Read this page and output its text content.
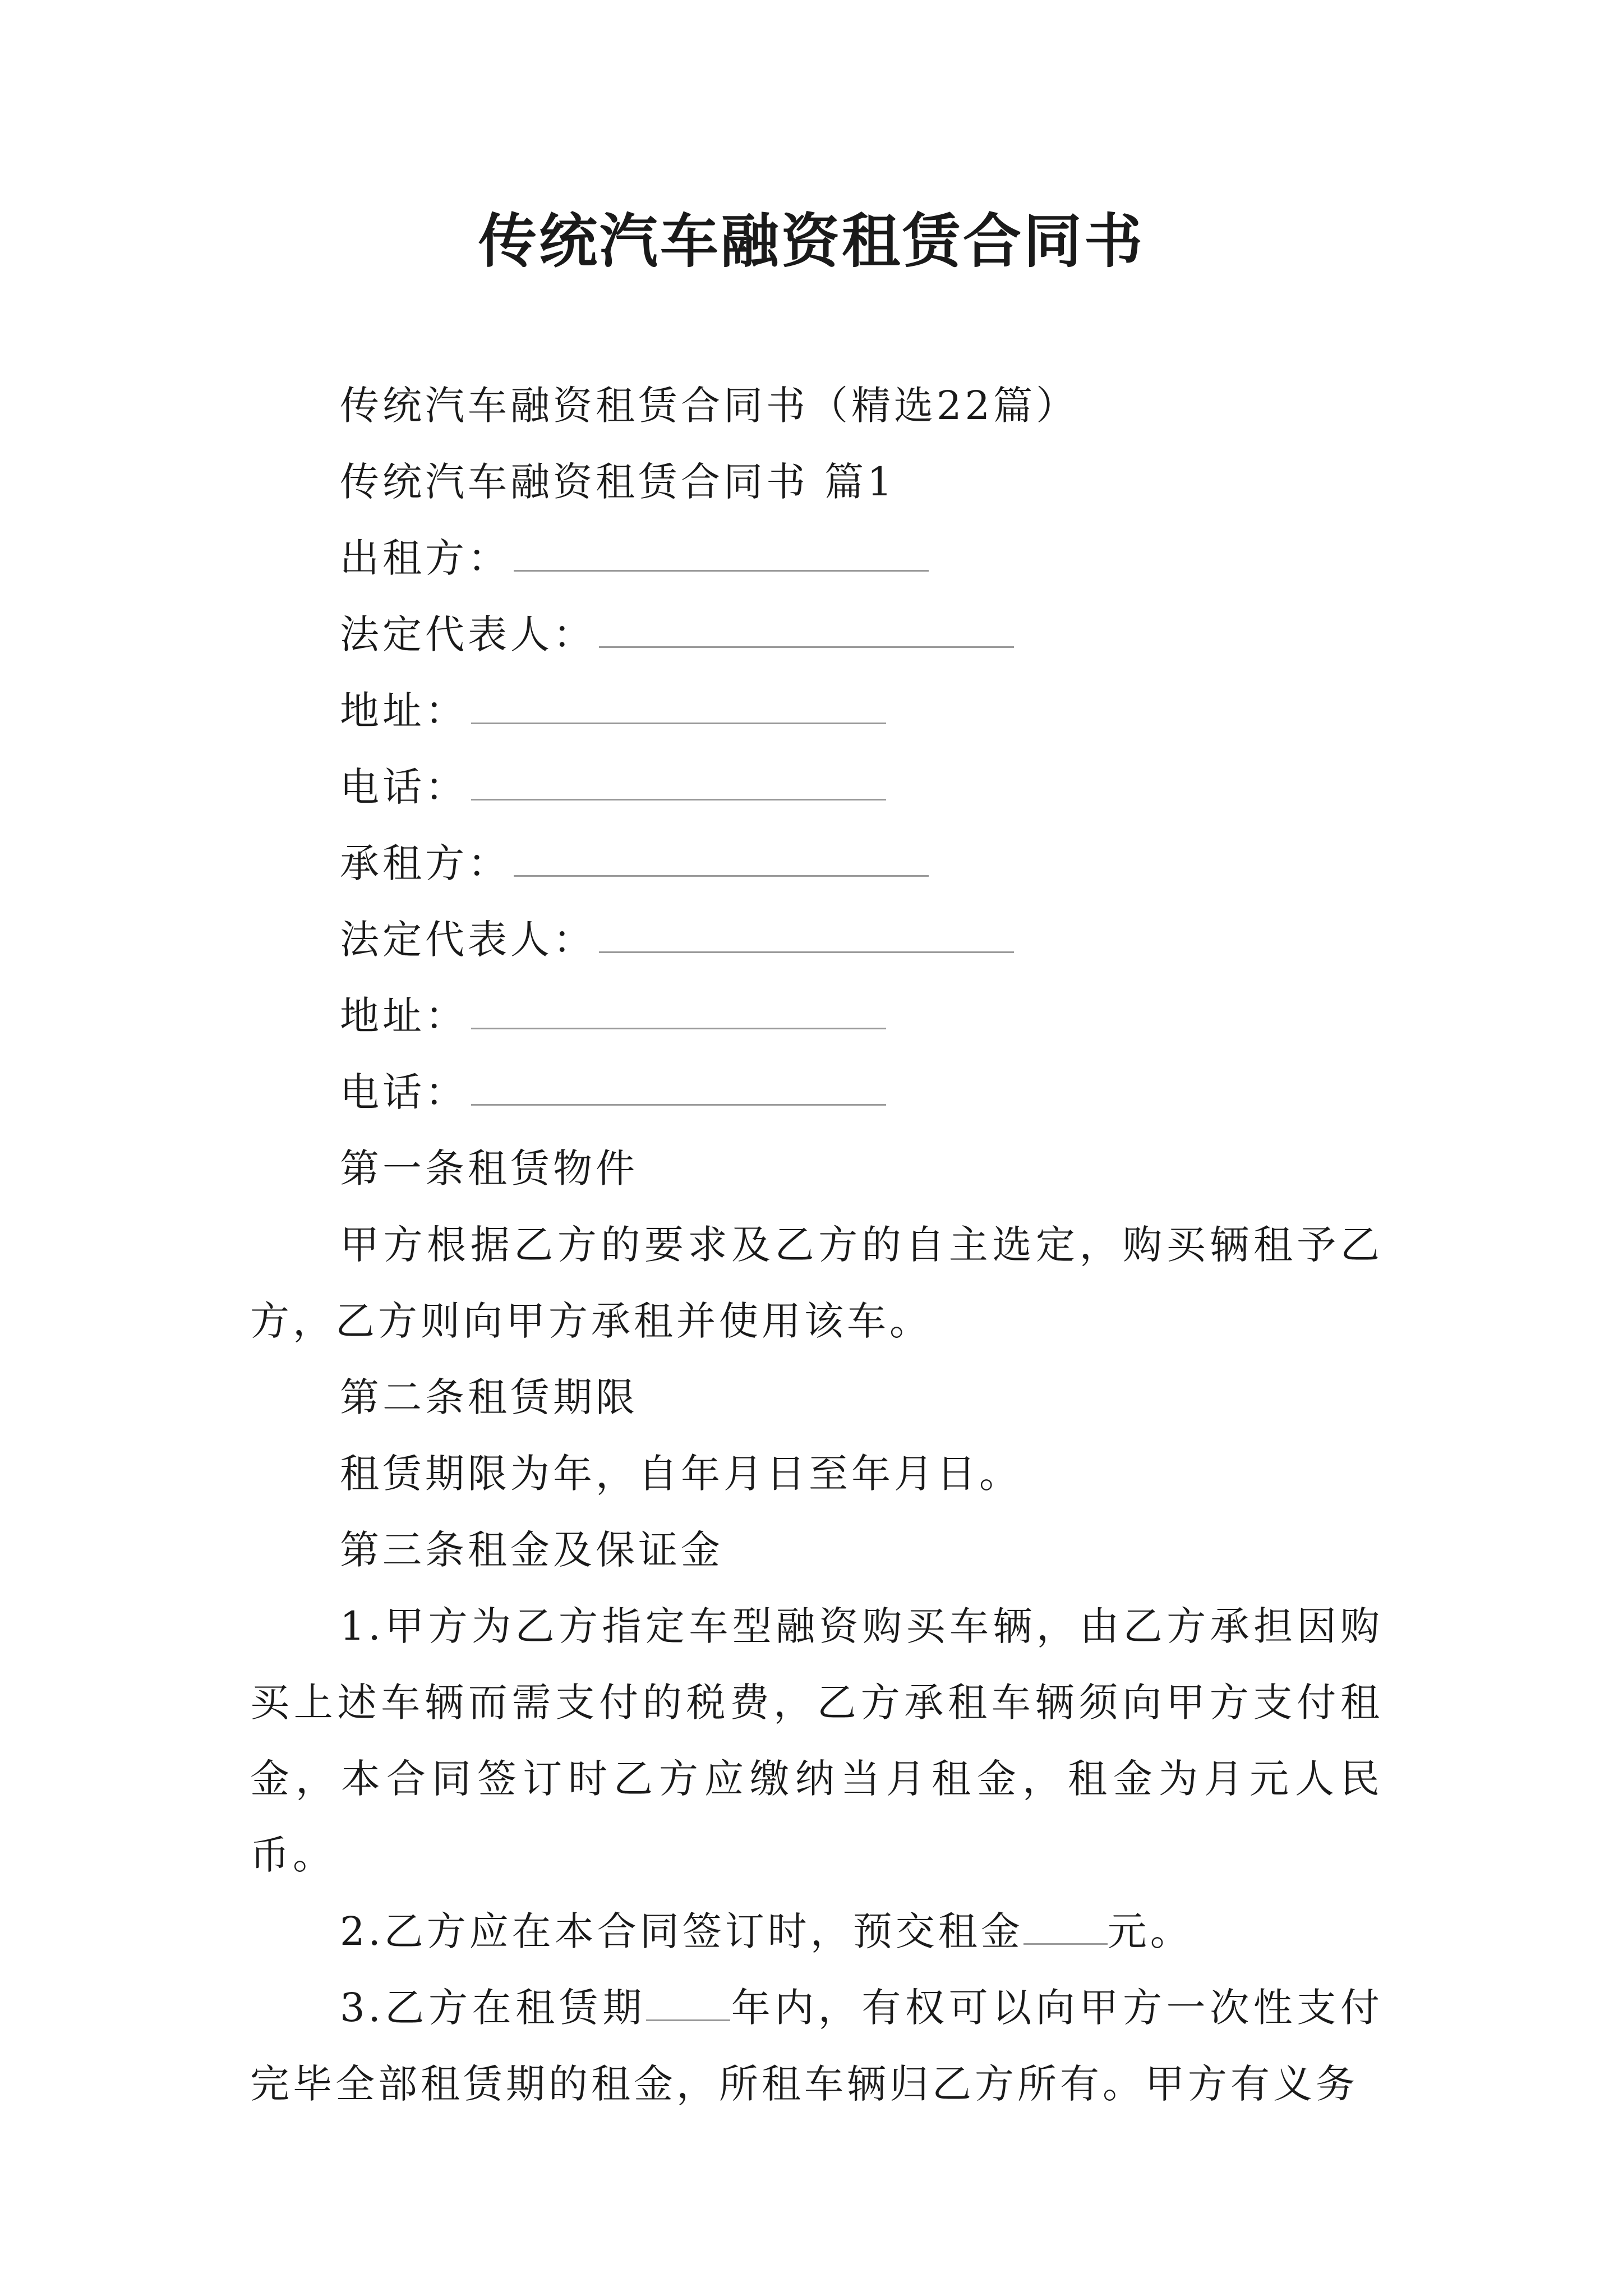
传统汽车融资租赁合同书

传统汽车融资租赁合同书（精选22篇）

传统汽车融资租赁合同书 篇1

出租方：
法定代表人：
地址：
电话：
承租方：
法定代表人：
地址：
电话：

第一条租赁物件

甲方根据乙方的要求及乙方的自主选定，购买辆租予乙方，乙方则向甲方承租并使用该车。

第二条租赁期限

租赁期限为年，自年月日至年月日。

第三条租金及保证金

1.甲方为乙方指定车型融资购买车辆，由乙方承担因购买上述车辆而需支付的税费，乙方承租车辆须向甲方支付租金，本合同签订时乙方应缴纳当月租金，租金为月元人民币。

2.乙方应在本合同签订时，预交租金 元。

3.乙方在租赁期 年内，有权可以向甲方一次性支付完毕全部租赁期的租金，所租车辆归乙方所有。甲方有义务
